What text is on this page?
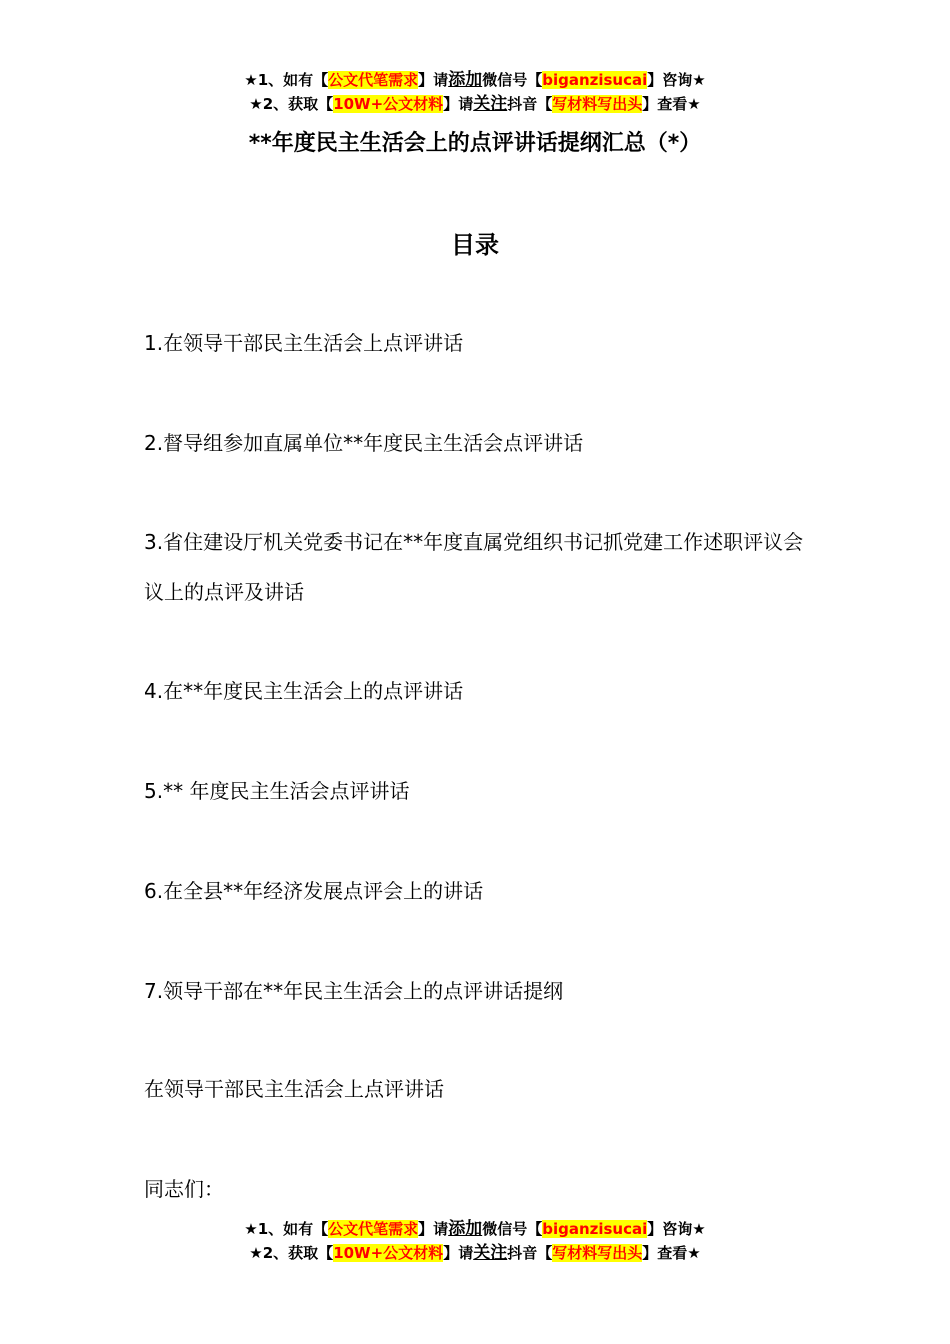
★1、如有【公文代笔需求】请添加微信号【biganzisucai】咨询★
★2、获取【10W+公文材料】请关注抖音【写材料写出头】查看★
**年度民主生活会上的点评讲话提纲汇总（*）
目录
1.在领导干部民主生活会上点评讲话
2.督导组参加直属单位**年度民主生活会点评讲话
3.省住建设厅机关党委书记在**年度直属党组织书记抓党建工作述职评议会议上的点评及讲话
4.在**年度民主生活会上的点评讲话
5.** 年度民主生活会点评讲话
6.在全县**年经济发展点评会上的讲话
7.领导干部在**年民主生活会上的点评讲话提纲
在领导干部民主生活会上点评讲话
同志们：
★1、如有【公文代笔需求】请添加微信号【biganzisucai】咨询★
★2、获取【10W+公文材料】请关注抖音【写材料写出头】查看★
